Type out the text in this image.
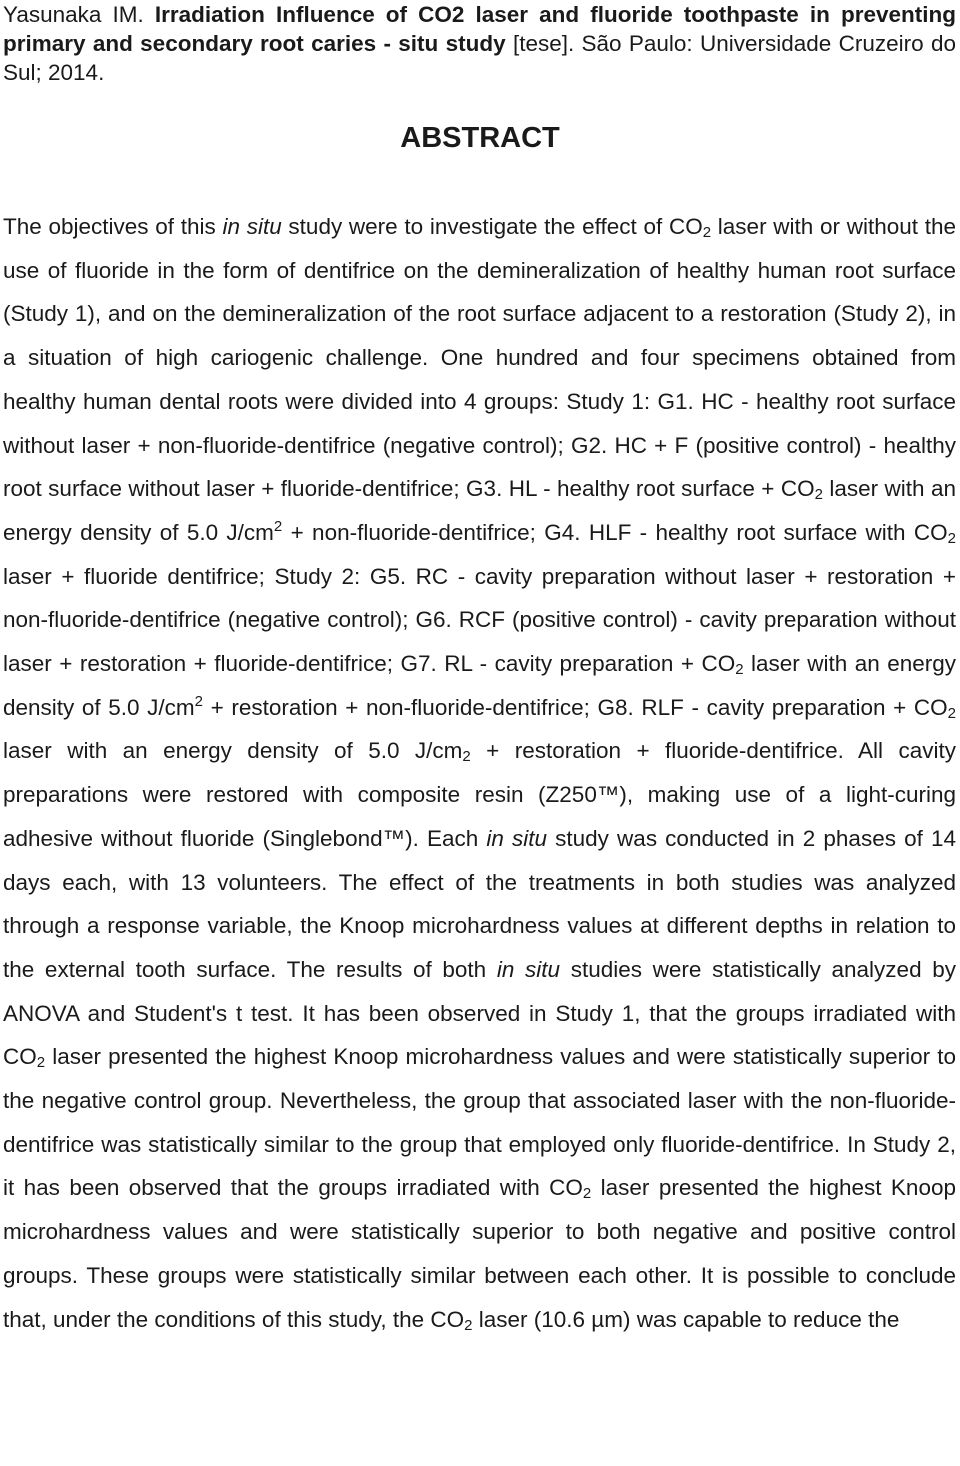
Yasunaka IM. Irradiation Influence of CO2 laser and fluoride toothpaste in preventing primary and secondary root caries - situ study [tese]. São Paulo: Universidade Cruzeiro do Sul; 2014.

ABSTRACT

The objectives of this in situ study were to investigate the effect of $CO_2$ laser with or without the use of fluoride in the form of dentifrice on the demineralization of healthy human root surface (Study 1), and on the demineralization of the root surface adjacent to a restoration (Study 2), in a situation of high cariogenic challenge. One hundred and four specimens obtained from healthy human dental roots were divided into 4 groups: Study 1: G1. HC - healthy root surface without laser + non-fluoride-dentifrice (negative control); G2. HC + F (positive control) - healthy root surface without laser + fluoride-dentifrice; G3. HL - healthy root surface + $CO_2$ laser with an energy density of 5.0 $J/cm^2$ + non-fluoride-dentifrice; G4. HLF - healthy root surface with $CO_2$ laser + fluoride dentifrice; Study 2: G5. RC - cavity preparation without laser + restoration + non-fluoride-dentifrice (negative control); G6. RCF (positive control) - cavity preparation without laser + restoration + fluoride-dentifrice; G7. RL - cavity preparation + $CO_2$ laser with an energy density of 5.0 $J/cm^2$ + restoration + non-fluoride-dentifrice; G8. RLF - cavity preparation + $CO_2$ laser with an energy density of 5.0 $J/cm_2$ + restoration + fluoride-dentifrice. All cavity preparations were restored with composite resin (Z250™), making use of a light-curing adhesive without fluoride (Singlebond™). Each in situ study was conducted in 2 phases of 14 days each, with 13 volunteers. The effect of the treatments in both studies was analyzed through a response variable, the Knoop microhardness values at different depths in relation to the external tooth surface. The results of both in situ studies were statistically analyzed by ANOVA and Student's t test. It has been observed in Study 1, that the groups irradiated with $CO_2$ laser presented the highest Knoop microhardness values and were statistically superior to the negative control group. Nevertheless, the group that associated laser with the non-fluoride-dentifrice was statistically similar to the group that employed only fluoride-dentifrice. In Study 2, it has been observed that the groups irradiated with $CO_2$ laser presented the highest Knoop microhardness values and were statistically superior to both negative and positive control groups. These groups were statistically similar between each other. It is possible to conclude that, under the conditions of this study, the $CO_2$ laser (10.6 µm) was capable to reduce the
